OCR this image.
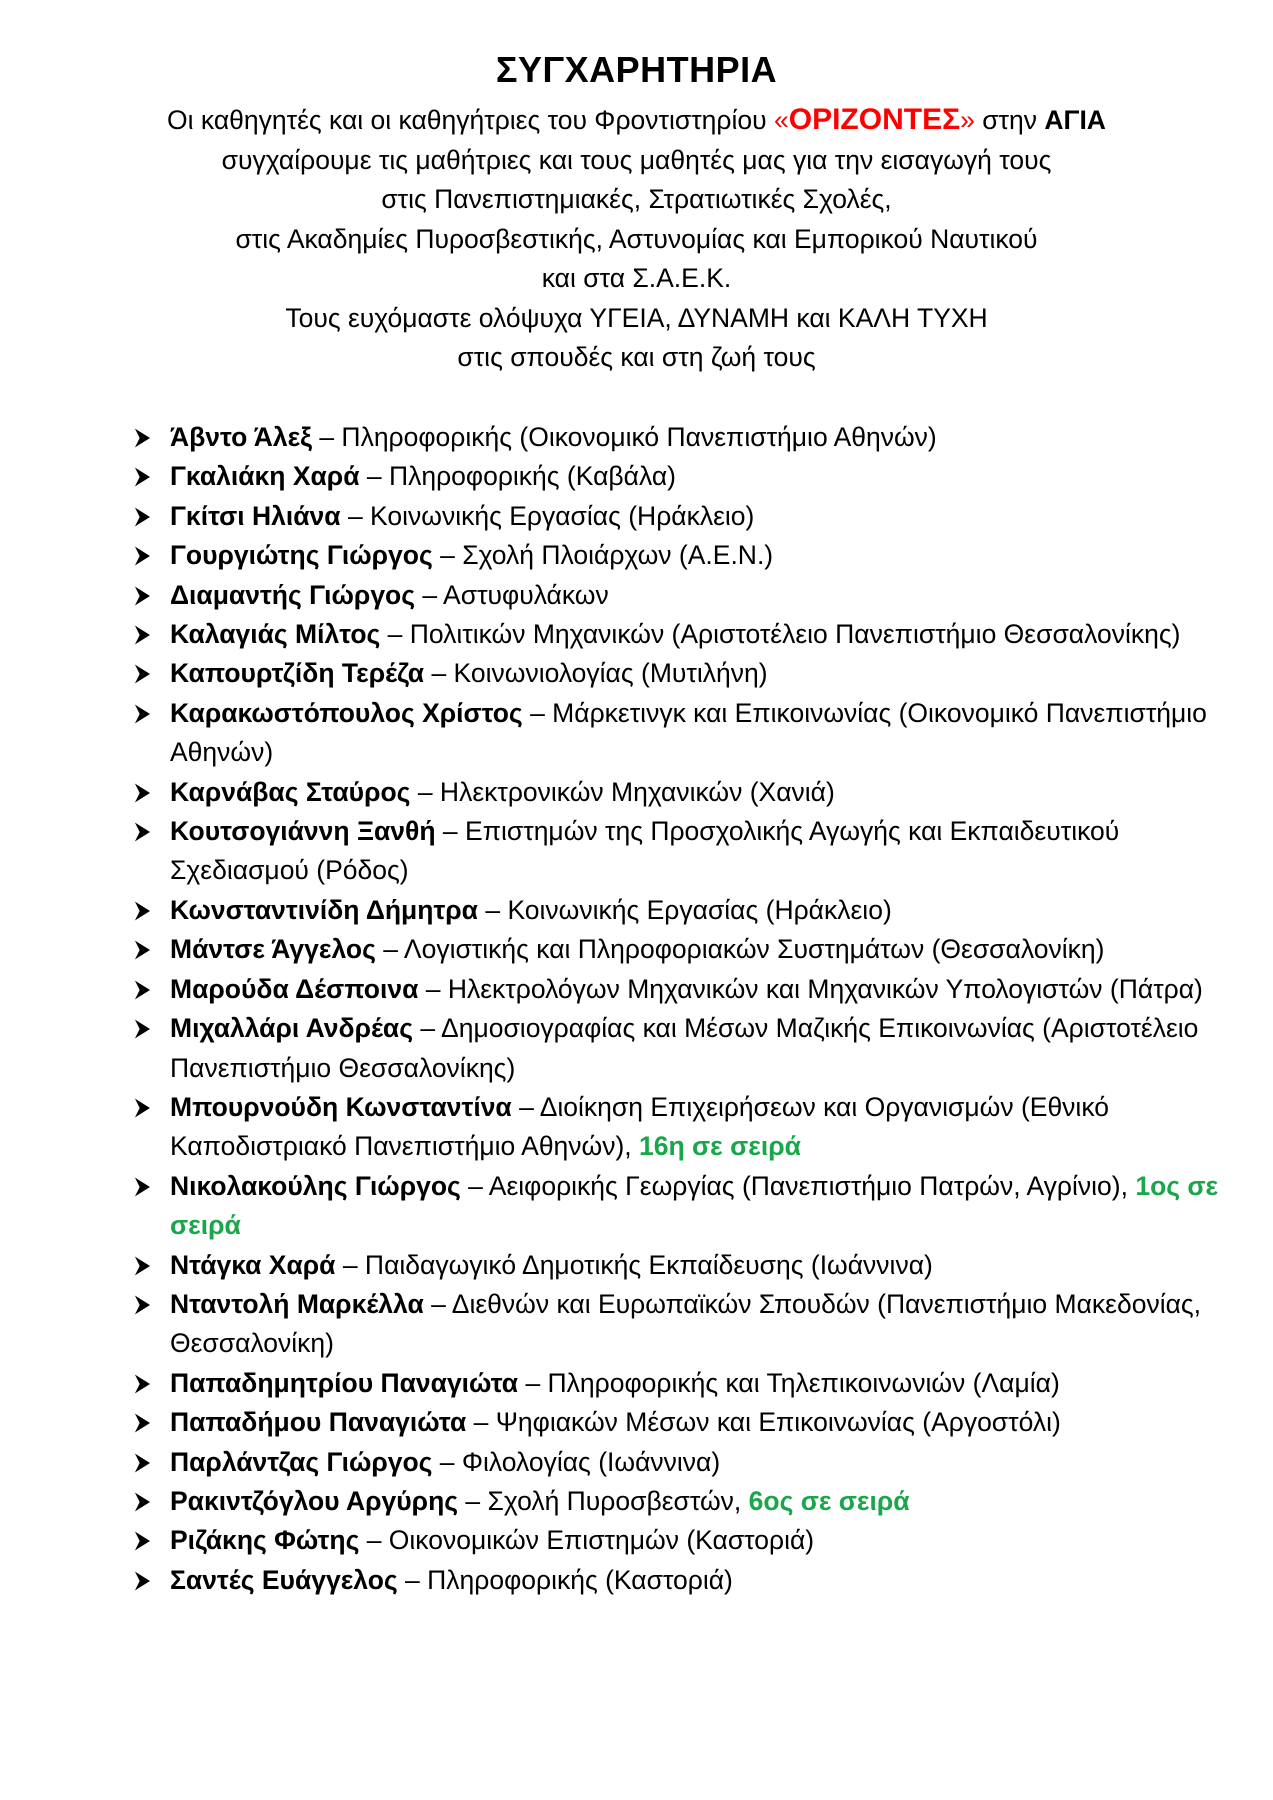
ΣΥΓΧΑΡΗΤΗΡΙΑ
Οι καθηγητές και οι καθηγήτριες του Φροντιστηρίου «ΟΡΙΖΟΝΤΕΣ» στην ΑΓΙΑ
συγχαίρουμε τις μαθήτριες και τους μαθητές μας για την εισαγωγή τους
στις Πανεπιστημιακές, Στρατιωτικές Σχολές,
στις Ακαδημίες Πυροσβεστικής, Αστυνομίας και Εμπορικού Ναυτικού
και στα Σ.Α.Ε.Κ.
Τους ευχόμαστε ολόψυχα ΥΓΕΙΑ, ΔΥΝΑΜΗ και ΚΑΛΗ ΤΥΧΗ
στις σπουδές και στη ζωή τους
Άβντο Άλεξ – Πληροφορικής (Οικονομικό Πανεπιστήμιο Αθηνών)
Γκαλιάκη Χαρά – Πληροφορικής (Καβάλα)
Γκίτσι Ηλιάνα – Κοινωνικής Εργασίας (Ηράκλειο)
Γουργιώτης Γιώργος – Σχολή Πλοιάρχων (Α.Ε.Ν.)
Διαμαντής Γιώργος – Αστυφυλάκων
Καλαγιάς Μίλτος – Πολιτικών Μηχανικών (Αριστοτέλειο Πανεπιστήμιο Θεσσαλονίκης)
Καπουρτζίδη Τερέζα – Κοινωνιολογίας (Μυτιλήνη)
Καρακωστόπουλος Χρίστος – Μάρκετινγκ και Επικοινωνίας (Οικονομικό Πανεπιστήμιο Αθηνών)
Καρνάβας Σταύρος – Ηλεκτρονικών Μηχανικών (Χανιά)
Κουτσογιάννη Ξανθή – Επιστημών της Προσχολικής Αγωγής και Εκπαιδευτικού Σχεδιασμού (Ρόδος)
Κωνσταντινίδη Δήμητρα – Κοινωνικής Εργασίας (Ηράκλειο)
Μάντσε Άγγελος – Λογιστικής και Πληροφοριακών Συστημάτων (Θεσσαλονίκη)
Μαρούδα Δέσποινα – Ηλεκτρολόγων Μηχανικών και Μηχανικών Υπολογιστών (Πάτρα)
Μιχαλλάρι Ανδρέας – Δημοσιογραφίας και Μέσων Μαζικής Επικοινωνίας (Αριστοτέλειο Πανεπιστήμιο Θεσσαλονίκης)
Μπουρνούδη Κωνσταντίνα – Διοίκηση Επιχειρήσεων και Οργανισμών (Εθνικό Καποδιστριακό Πανεπιστήμιο Αθηνών), 16η σε σειρά
Νικολακούλης Γιώργος – Αειφορικής Γεωργίας (Πανεπιστήμιο Πατρών, Αγρίνιο), 1ος σε σειρά
Ντάγκα Χαρά – Παιδαγωγικό Δημοτικής Εκπαίδευσης (Ιωάννινα)
Νταντολή Μαρκέλλα – Διεθνών και Ευρωπαϊκών Σπουδών (Πανεπιστήμιο Μακεδονίας, Θεσσαλονίκη)
Παπαδημητρίου Παναγιώτα – Πληροφορικής και Τηλεπικοινωνιών (Λαμία)
Παπαδήμου Παναγιώτα – Ψηφιακών Μέσων και Επικοινωνίας (Αργοστόλι)
Παρλάντζας Γιώργος – Φιλολογίας (Ιωάννινα)
Ρακιντζόγλου Αργύρης – Σχολή Πυροσβεστών, 6ος σε σειρά
Ριζάκης Φώτης – Οικονομικών Επιστημών (Καστοριά)
Σαντές Ευάγγελος – Πληροφορικής (Καστοριά)
